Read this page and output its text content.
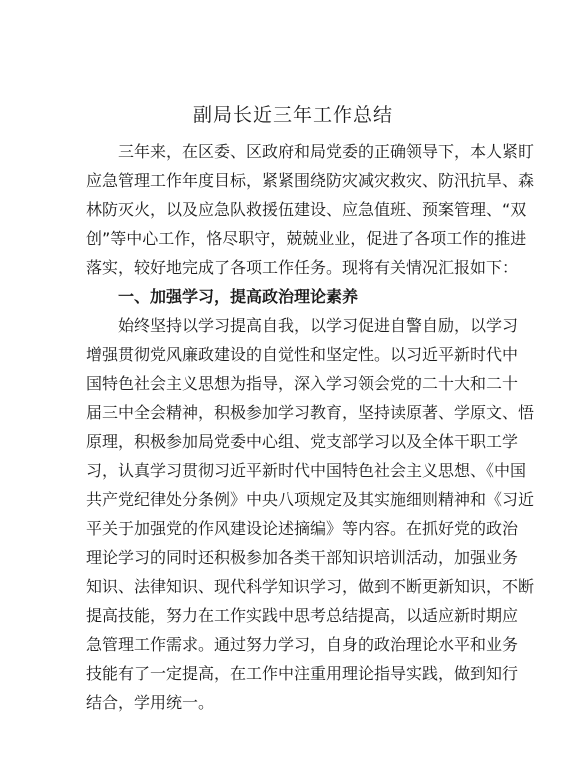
副局长近三年工作总结
三年来，在区委、区政府和局党委的正确领导下，本人紧盯
应急管理工作年度目标，紧紧围绕防灾减灾救灾、防汛抗旱、森
林防灭火，以及应急队救援伍建设、应急值班、预案管理、“双
创”等中心工作，恪尽职守，兢兢业业，促进了各项工作的推进
落实，较好地完成了各项工作任务。现将有关情况汇报如下：
一、加强学习，提高政治理论素养
始终坚持以学习提高自我，以学习促进自警自励，以学习
增强贯彻党风廉政建设的自觉性和坚定性。以习近平新时代中
国特色社会主义思想为指导，深入学习领会党的二十大和二十
届三中全会精神，积极参加学习教育，坚持读原著、学原文、悟
原理，积极参加局党委中心组、党支部学习以及全体干职工学
习，认真学习贯彻习近平新时代中国特色社会主义思想、《中国
共产党纪律处分条例》中央八项规定及其实施细则精神和《习近
平关于加强党的作风建设论述摘编》等内容。在抓好党的政治
理论学习的同时还积极参加各类干部知识培训活动，加强业务
知识、法律知识、现代科学知识学习，做到不断更新知识，不断
提高技能，努力在工作实践中思考总结提高，以适应新时期应
急管理工作需求。通过努力学习，自身的政治理论水平和业务
技能有了一定提高，在工作中注重用理论指导实践，做到知行
结合，学用统一。
